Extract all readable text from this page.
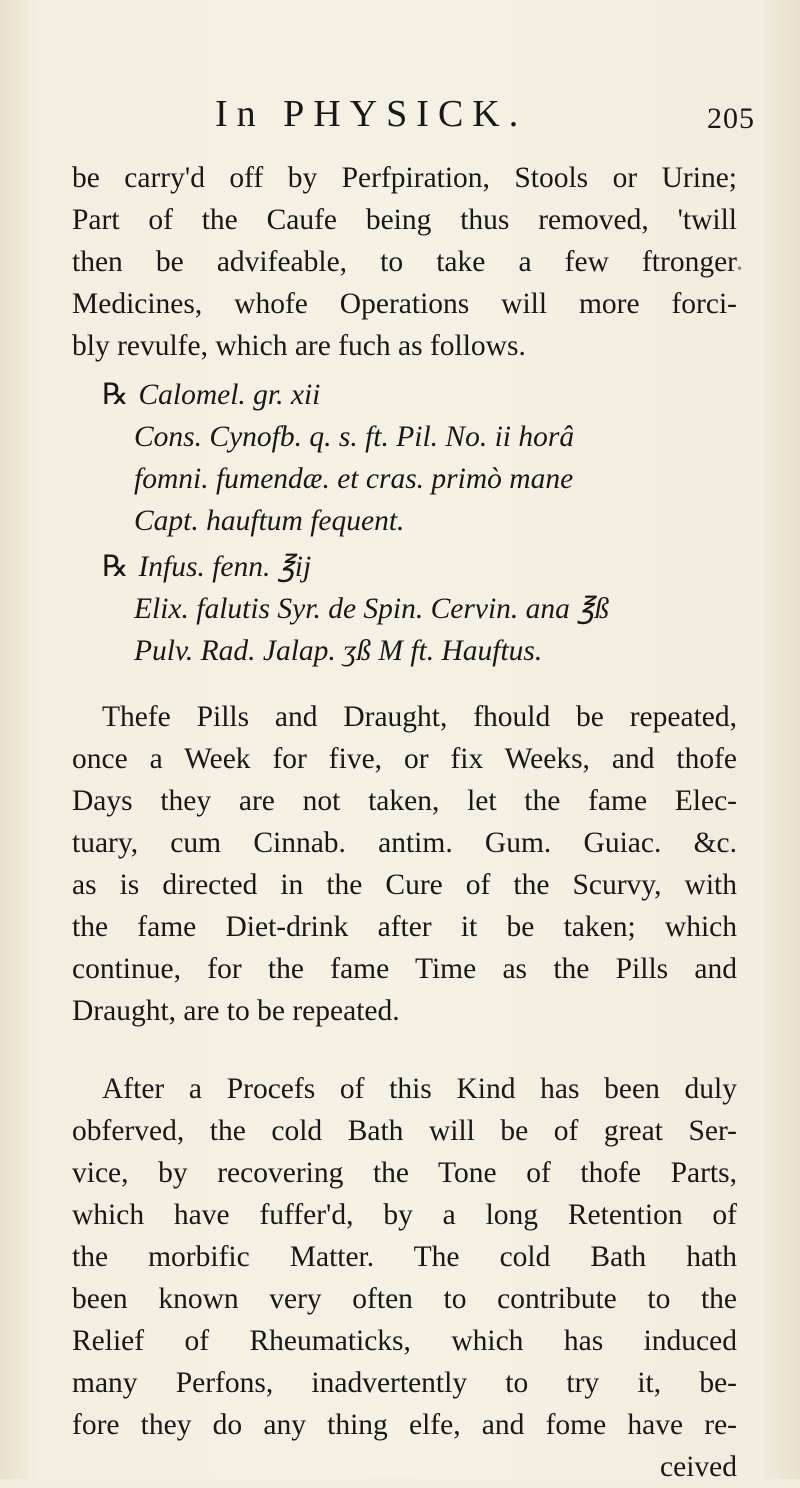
In PHYSICK.	205
be carry'd off by Perfpiration, Stools or Urine;
Part of the Caufe being thus removed, 'twill
then be advifeable, to take a few ftronger
Medicines, whofe Operations will more forci-
bly revulfe, which are fuch as follows.
℞ Calomel. gr. xii
Cons. Cynofb. q. s. ft. Pil. No. ii horâ
fomni. fumendæ. et cras. primò mane
Capt. hauftum fequent.
℞ Infus. fenn. ℥ij
Elix. falutis Syr. de Spin. Cervin. ana ℥ß
Pulv. Rad. Jalap. ʒß M ft. Hauftus.
Thefe Pills and Draught, fhould be repeated,
once a Week for five, or fix Weeks, and thofe
Days they are not taken, let the fame Elec-
tuary, cum Cinnab. antim. Gum. Guiac. &c.
as is directed in the Cure of the Scurvy, with
the fame Diet-drink after it be taken; which
continue, for the fame Time as the Pills and
Draught, are to be repeated.
After a Procefs of this Kind has been duly
obferved, the cold Bath will be of great Ser-
vice, by recovering the Tone of thofe Parts,
which have fuffer'd, by a long Retention of
the morbific Matter. The cold Bath hath
been known very often to contribute to the
Relief of Rheumaticks, which has induced
many Perfons, inadvertently to try it, be-
fore they do any thing elfe, and fome have re-
ceived
•
